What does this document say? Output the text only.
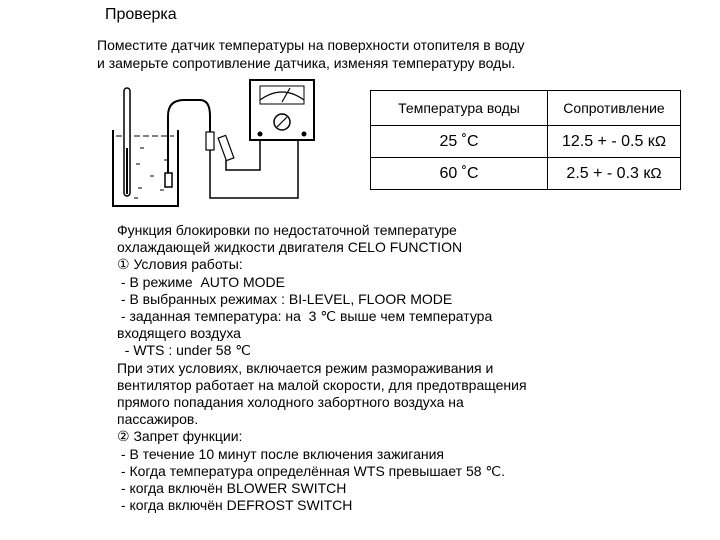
Проверка
Поместите датчик температуры на поверхности отопителя в воду
и замерьте сопротивление датчика, изменяя температуру воды.
Температура воды	Сопротивление
25 ˚C	12.5 + - 0.5 кΩ
60 ˚C	2.5 + - 0.3 кΩ
Функция блокировки по недостаточной температуре
охлаждающей жидкости двигателя CELO FUNCTION
① Условия работы:
- В режиме  AUTO MODE
- В выбранных режимах : BI-LEVEL, FLOOR MODE
- заданная температура: на  3 ℃ выше чем температура
входящего воздуха
- WTS : under 58 ℃
При этих условиях, включается режим размораживания и
вентилятор работает на малой скорости, для предотвращения
прямого попадания холодного забортного воздуха на
пассажиров.
② Запрет функции:
- В течение 10 минут после включения зажигания
- Когда температура определённая WTS превышает 58 ℃.
- когда включён BLOWER SWITCH
- когда включён DEFROST SWITCH
